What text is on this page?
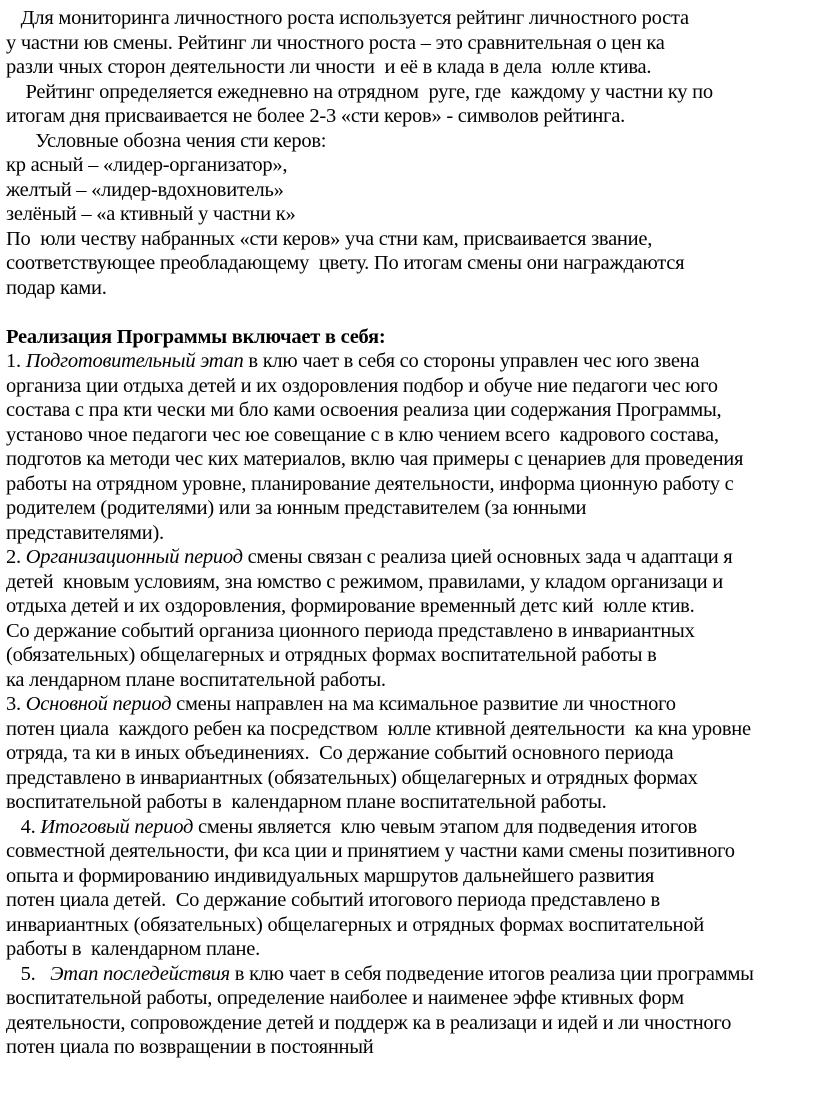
Для мониторинга личностного роста используется рейтинг личностного роста
у частни юв смены. Рейтинг ли чностного роста – это сравнительная о цен ка
разли чных сторон деятельности ли чности  и её в клада в дела  юлле ктива.
Рейтинг определяется ежедневно на отрядном  руге, где  каждому у частни ку по
итогам дня присваивается не более 2-3 «сти керов» - символов рейтинга.
Условные обозна чения сти керов:
кр асный – «лидер-организатор»,
желтый – «лидер-вдохновитель»
зелёный – «а ктивный у частни к»
По  юли честву набранных «сти керов» уча стни кам, присваивается звание,
соответствующее преобладающему  цвету. По итогам смены они награждаются
подар ками.
Реализация Программы включает в себя:
1. Подготовительный этап в клю чает в себя со стороны управлен чес юго звена
организа ции отдыха детей и их оздоровления подбор и обуче ние педагоги чес юго
состава с пра кти чески ми бло ками освоения реализа ции содержания Программы,
установо чное педагоги чес юе совещание с в клю чением всего  кадрового состава,
подготов ка методи чес ких материалов, вклю чая примеры с ценариев для проведения
работы на отрядном уровне, планирование деятельности, информа ционную работу с
родителем (родителями) или за юнным представителем (за юнными
представителями).
2. Организационный период смены связан с реализа цией основных зада ч адаптаци я
детей  кновым условиям, зна юмство с режимом, правилами, у кладом организаци и
отдыха детей и их оздоровления, формирование временный детс кий  юлле ктив.
Со держание событий организа ционного периода представлено в инвариантных
(обязательных) общелагерных и отрядных формах воспитательной работы в
ка лендарном плане воспитательной работы.
3. Основной период смены направлен на ма ксимальное развитие ли чностного
потен циала  каждого ребен ка посредством  юлле ктивной деятельности  ка кна уровне
отряда, та ки в иных объединениях.  Со держание событий основного периода
представлено в инвариантных (обязательных) общелагерных и отрядных формах
воспитательной работы в  календарном плане воспитательной работы.
4. Итоговый период смены является  клю чевым этапом для подведения итогов
совместной деятельности, фи кса ции и принятием у частни ками смены позитивного
опыта и формированию индивидуальных маршрутов дальнейшего развития
потен циала детей.  Со держание событий итогового периода представлено в
инвариантных (обязательных) общелагерных и отрядных формах воспитательной
работы в  календарном плане.
5.   Этап последействия в клю чает в себя подведение итогов реализа ции программы
воспитательной работы, определение наиболее и наименее эффе ктивных форм
деятельности, сопровождение детей и поддерж ка в реализаци и идей и ли чностного
потен циала по возвращении в постоянный
